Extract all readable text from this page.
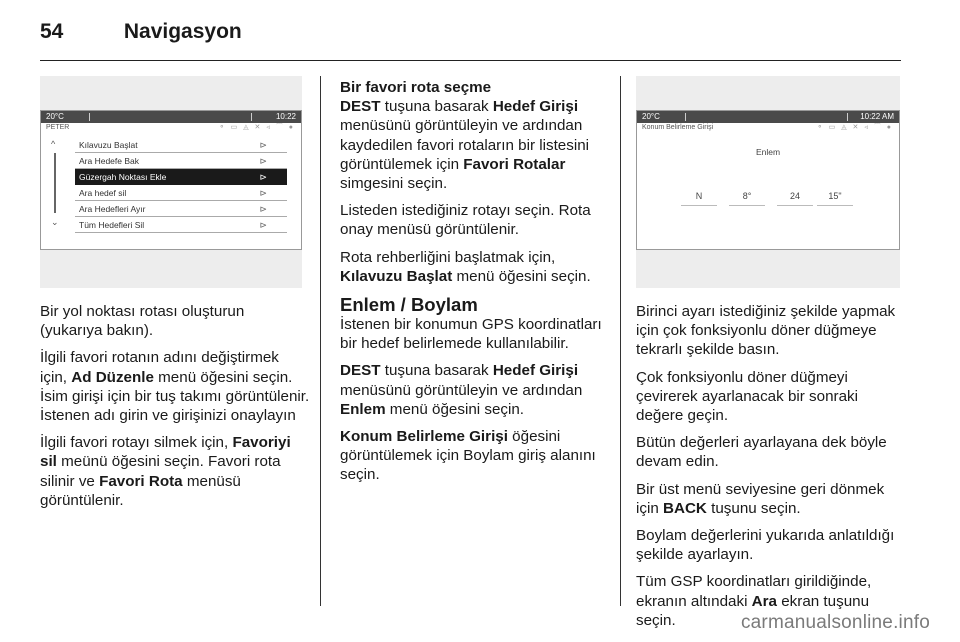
54	Navigasyon
20°C	10:22
PETER	⚬ ▭ ◬ ✕ ◃ ⌒ ●
^
⌄
Kılavuzu Başlat	⊳
Ara Hedefe Bak	⊳
Güzergah Noktası Ekle	⊳
Ara hedef sil	⊳
Ara Hedefleri Ayır	⊳
Tüm Hedefleri Sil	⊳

Bir yol noktası rotası oluşturun (yukarıya bakın).

İlgili favori rotanın adını değiştirmek için, Ad Düzenle menü öğesini seçin. İsim girişi için bir tuş takımı görüntülenir. İstenen adı girin ve girişinizi onaylayın

İlgili favori rotayı silmek için, Favoriyi sil meünü öğesini seçin. Favori rota silinir ve Favori Rota menüsü görüntülenir.

Bir favori rota seçme

DEST tuşuna basarak Hedef Girişi menüsünü görüntüleyin ve ardından kaydedilen favori rotaların bir listesini görüntülemek için Favori Rotalar simgesini seçin.

Listeden istediğiniz rotayı seçin. Rota onay menüsü görüntülenir.

Rota rehberliğini başlatmak için, Kılavuzu Başlat menü öğesini seçin.

Enlem / Boylam

İstenen bir konumun GPS koordinatları bir hedef belirlemede kullanılabilir.

DEST tuşuna basarak Hedef Girişi menüsünü görüntüleyin ve ardından Enlem menü öğesini seçin.

Konum Belirleme Girişi öğesini görüntülemek için Boylam giriş alanını seçin.

20°C	10:22 AM
Konum Belirleme Girişi	⚬ ▭ ◬ ✕ ◃ ⌒ ●
Enlem
N	8°	24	15"

Birinci ayarı istediğiniz şekilde yapmak için çok fonksiyonlu döner düğmeye tekrarlı şekilde basın.

Çok fonksiyonlu döner düğmeyi çevirerek ayarlanacak bir sonraki değere geçin.

Bütün değerleri ayarlayana dek böyle devam edin.

Bir üst menü seviyesine geri dönmek için BACK tuşunu seçin.

Boylam değerlerini yukarıda anlatıldığı şekilde ayarlayın.

Tüm GSP koordinatları girildiğinde, ekranın altındaki Ara ekran tuşunu seçin.	carmanualsonline.info
